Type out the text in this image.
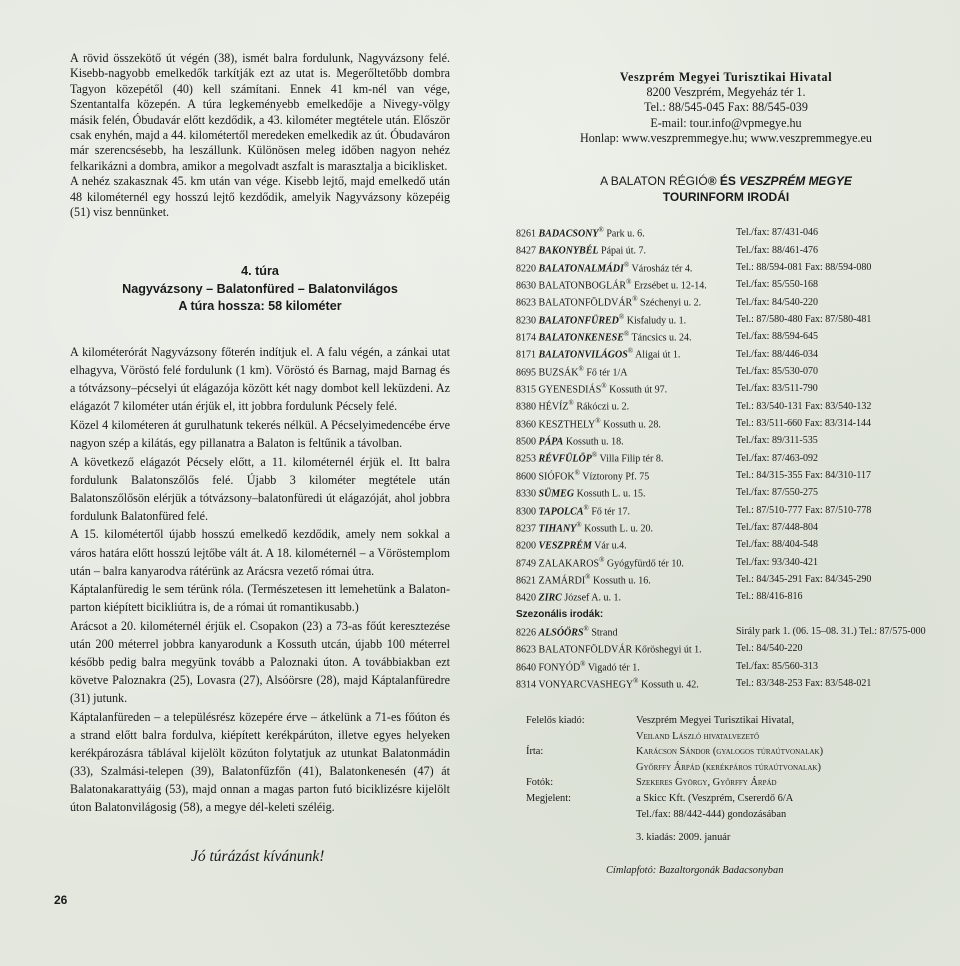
A rövid összekötő út végén (38), ismét balra fordulunk, Nagyvázsony felé. Kisebb-nagyobb emelkedők tarkítják ezt az utat is. Megerőltetőbb dombra Tagyon közepétől (40) kell számítani. Ennek 41 km-nél van vége, Szentantalfa közepén. A túra legkeményebb emelkedője a Nivegy-völgy másik felén, Óbudavár előtt kezdődik, a 43. kilométer megtétele után. Először csak enyhén, majd a 44. kilométertől meredeken emelkedik az út. Óbudaváron már szerencsésebb, ha leszállunk. Különösen meleg időben nagyon nehéz felkarikázni a dombra, amikor a megolvadt aszfalt is marasztalja a biciklisket.

A nehéz szakasznak 45. km után van vége. Kisebb lejtő, majd emelkedő után 48 kilométernél egy hosszú lejtő kezdődik, amelyik Nagyvázsony közepéig (51) visz bennünket.

4. túra
Nagyvázsony – Balatonfüred – Balatonvilágos
A túra hossza: 58 kilométer

A kilométerórát Nagyvázsony főterén indítjuk el. A falu végén, a zánkai utat elhagyva, Vöröstó felé fordulunk (1 km). Vöröstó és Barnag, majd Barnag és a tótvázsony–pécselyi út elágazója között két nagy dombot kell leküzdeni. Az elágazót 7 kilométer után érjük el, itt jobbra fordulunk Pécsely felé.

Közel 4 kilométeren át gurulhatunk tekerés nélkül. A Pécselyimedencébe érve nagyon szép a kilátás, egy pillanatra a Balaton is feltűnik a távolban.

A következő elágazót Pécsely előtt, a 11. kilométernél érjük el. Itt balra fordulunk Balatonszőlős felé. Újabb 3 kilométer megtétele után Balatonszőlősön elérjük a tótvázsony–balatonfüredi út elágazóját, ahol jobbra fordulunk Balatonfüred felé.

A 15. kilométertől újabb hosszú emelkedő kezdődik, amely nem sokkal a város határa előtt hosszú lejtőbe vált át. A 18. kilométernél – a Vöröstemplom után – balra kanyarodva rátérünk az Arácsra vezető római útra.

Káptalanfüredig le sem térünk róla. (Természetesen itt lemehetünk a Balaton-parton kiépített bicikliútra is, de a római út romantikusabb.)

Arácsot a 20. kilométernél érjük el. Csopakon (23) a 73-as főút keresztezése után 200 méterrel jobbra kanyarodunk a Kossuth utcán, újabb 100 méterrel később pedig balra megyünk tovább a Paloznaki úton. A továbbiakban ezt követve Paloznakra (25), Lovasra (27), Alsóörsre (28), majd Káptalanfüredre (31) jutunk.

Káptalanfüreden – a településrész közepére érve – átkelünk a 71-es főúton és a strand előtt balra fordulva, kiépített kerékpárúton, illetve egyes helyeken kerékpározásra táblával kijelölt közúton folytatjuk az utunkat Balatonmádin (33), Szalmási-telepen (39), Balatonfűzfőn (41), Balatonkenesén (47) át Balatonakarattyáig (53), majd onnan a magas parton futó biciklizésre kijelölt úton Balatonvilágosig (58), a megye dél-keleti széléig.

Jó túrázást kívánunk!
26
Veszprém Megyei Turisztikai Hivatal
8200 Veszprém, Megyeház tér 1.
Tel.: 88/545-045 Fax: 88/545-039
E-mail: tour.info@vpmegye.hu
Honlap: www.veszpremmegye.hu; www.veszpremmegye.eu
A BALATON RÉGIÓ® ÉS VESZPRÉM MEGYE
TOURINFORM IRODÁI
8261 BADACSONY® Park u. 6.	Tel./fax: 87/431-046
8427 BAKONYBÉL Pápai út. 7.	Tel./fax: 88/461-476
8220 BALATONALMÁDI® Városház tér 4.	Tel.: 88/594-081 Fax: 88/594-080
8630 BALATONBOGLÁR® Erzsébet u. 12-14.	Tel./fax: 85/550-168
8623 BALATONFÖLDVÁR® Széchenyi u. 2.	Tel./fax: 84/540-220
8230 BALATONFÜRED® Kisfaludy u. 1.	Tel.: 87/580-480 Fax: 87/580-481
8174 BALATONKENESE® Táncsics u. 24.	Tel./fax: 88/594-645
8171 BALATONVILÁGOS® Aligai út 1.	Tel./fax: 88/446-034
8695 BUZSÁK® Fő tér 1/A	Tel./fax: 85/530-070
8315 GYENESDIÁS® Kossuth út 97.	Tel./fax: 83/511-790
8380 HÉVÍZ® Rákóczi u. 2.	Tel.: 83/540-131 Fax: 83/540-132
8360 KESZTHELY® Kossuth u. 28.	Tel.: 83/511-660 Fax: 83/314-144
8500 PÁPA Kossuth u. 18.	Tel./fax: 89/311-535
8253 RÉVFÜLÖP® Villa Filip tér 8.	Tel./fax: 87/463-092
8600 SIÓFOK® Víztorony Pf. 75	Tel.: 84/315-355 Fax: 84/310-117
8330 SÜMEG Kossuth L. u. 15.	Tel./fax: 87/550-275
8300 TAPOLCA® Fő tér 17.	Tel.: 87/510-777 Fax: 87/510-778
8237 TIHANY® Kossuth L. u. 20.	Tel./fax: 87/448-804
8200 VESZPRÉM Vár u.4.	Tel./fax: 88/404-548
8749 ZALAKAROS® Gyógyfürdő tér 10.	Tel./fax: 93/340-421
8621 ZAMÁRDI® Kossuth u. 16.	Tel.: 84/345-291 Fax: 84/345-290
8420 ZIRC József A. u. 1.	Tel.: 88/416-816
Szezonális irodák:	
8226 ALSÓÖRS® Strand	Sirály park 1. (06. 15–08. 31.) Tel.: 87/575-000
8623 BALATONFÖLDVÁR Kőröshegyi út 1.	Tel.: 84/540-220
8640 FONYÓD® Vigadó tér 1.	Tel./fax: 85/560-313
8314 VONYARCVASHEGY® Kossuth u. 42.	Tel.: 83/348-253 Fax: 83/548-021
Felelős kiadó:	Veszprém Megyei Turisztikai Hivatal,
Veiland László hivatalvezető
Írta:	Karácson Sándor (gyalogos túraútvonalak)
Győrffy Árpád (kerékpáros túraútvonalak)
Fotók:	Szekeres György, Győrffy Árpád
Megjelent:	a Skicc Kft. (Veszprém, Csererdő 6/A
Tel./fax: 88/442-444) gondozásában
3. kiadás: 2009. január
Címlapfotó: Bazaltorgonák Badacsonyban
